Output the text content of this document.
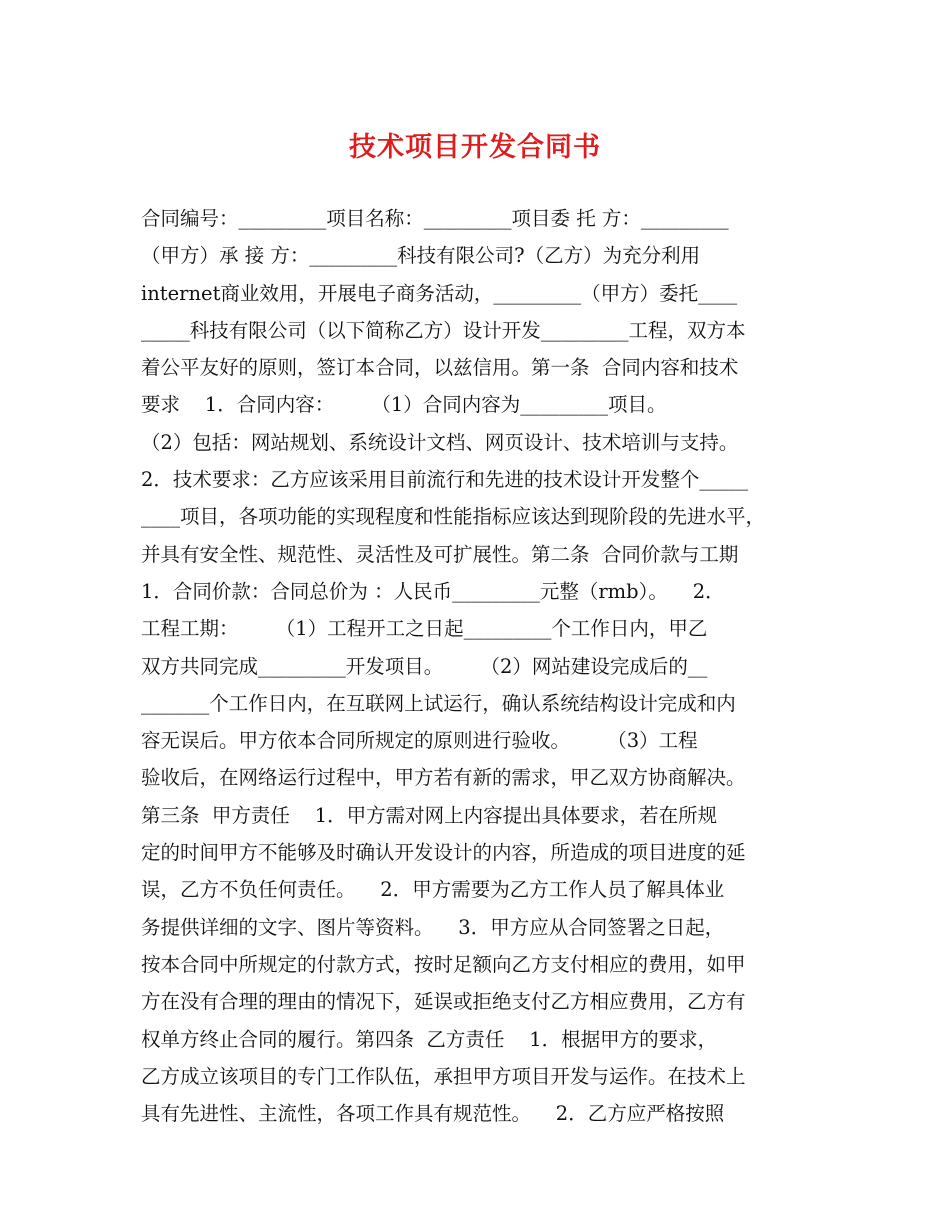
技术项目开发合同书
合同编号：_________项目名称：_________项目委 托 方：_________
（甲方）承 接 方：_________科技有限公司?（乙方）为充分利用
internet商业效用，开展电子商务活动，_________（甲方）委托____
_____科技有限公司（以下简称乙方）设计开发_________工程，双方本
着公平友好的原则，签订本合同，以兹信用。第一条  合同内容和技术
要求    1．合同内容：      （1）合同内容为_________项目。
（2）包括：网站规划、系统设计文档、网页设计、技术培训与支持。
2．技术要求：乙方应该采用目前流行和先进的技术设计开发整个_____
____项目，各项功能的实现程度和性能指标应该达到现阶段的先进水平，
并具有安全性、规范性、灵活性及可扩展性。第二条  合同价款与工期
1．合同价款：合同总价为 ：人民币_________元整（rmb）。    2．
工程工期：      （1）工程开工之日起_________个工作日内，甲乙
双方共同完成_________开发项目。      （2）网站建设完成后的__
_______个工作日内，在互联网上试运行，确认系统结构设计完成和内
容无误后。甲方依本合同所规定的原则进行验收。      （3）工程
验收后，在网络运行过程中，甲方若有新的需求，甲乙双方协商解决。
第三条  甲方责任    1．甲方需对网上内容提出具体要求，若在所规
定的时间甲方不能够及时确认开发设计的内容，所造成的项目进度的延
误，乙方不负任何责任。    2．甲方需要为乙方工作人员了解具体业
务提供详细的文字、图片等资料。    3．甲方应从合同签署之日起，
按本合同中所规定的付款方式，按时足额向乙方支付相应的费用，如甲
方在没有合理的理由的情况下，延误或拒绝支付乙方相应费用，乙方有
权单方终止合同的履行。第四条  乙方责任    1．根据甲方的要求，
乙方成立该项目的专门工作队伍，承担甲方项目开发与运作。在技术上
具有先进性、主流性，各项工作具有规范性。    2．乙方应严格按照
